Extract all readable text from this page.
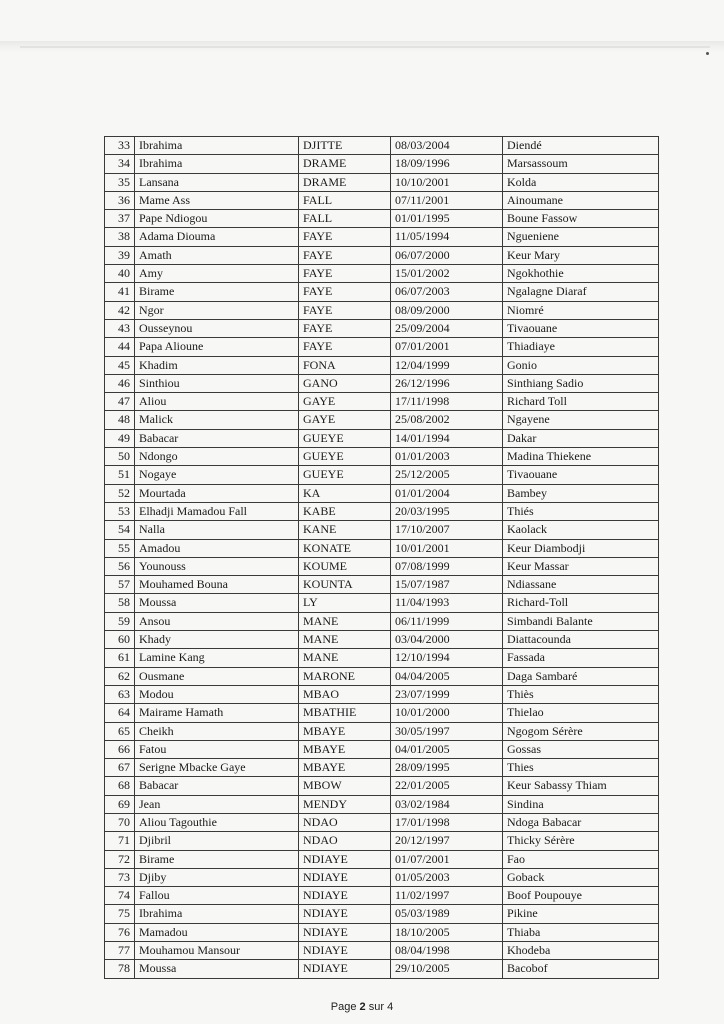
33	Ibrahima	DJITTE	08/03/2004	Diendé
34	Ibrahima	DRAME	18/09/1996	Marsassoum
35	Lansana	DRAME	10/10/2001	Kolda
36	Mame Ass	FALL	07/11/2001	Ainoumane
37	Pape Ndiogou	FALL	01/01/1995	Boune Fassow
38	Adama Diouma	FAYE	11/05/1994	Ngueniene
39	Amath	FAYE	06/07/2000	Keur Mary
40	Amy	FAYE	15/01/2002	Ngokhothie
41	Birame	FAYE	06/07/2003	Ngalagne Diaraf
42	Ngor	FAYE	08/09/2000	Niomré
43	Ousseynou	FAYE	25/09/2004	Tivaouane
44	Papa Alioune	FAYE	07/01/2001	Thiadiaye
45	Khadim	FONA	12/04/1999	Gonio
46	Sinthiou	GANO	26/12/1996	Sinthiang Sadio
47	Aliou	GAYE	17/11/1998	Richard Toll
48	Malick	GAYE	25/08/2002	Ngayene
49	Babacar	GUEYE	14/01/1994	Dakar
50	Ndongo	GUEYE	01/01/2003	Madina Thiekene
51	Nogaye	GUEYE	25/12/2005	Tivaouane
52	Mourtada	KA	01/01/2004	Bambey
53	Elhadji Mamadou Fall	KABE	20/03/1995	Thiés
54	Nalla	KANE	17/10/2007	Kaolack
55	Amadou	KONATE	10/01/2001	Keur Diambodji
56	Younouss	KOUME	07/08/1999	Keur Massar
57	Mouhamed Bouna	KOUNTA	15/07/1987	Ndiassane
58	Moussa	LY	11/04/1993	Richard-Toll
59	Ansou	MANE	06/11/1999	Simbandi Balante
60	Khady	MANE	03/04/2000	Diattacounda
61	Lamine Kang	MANE	12/10/1994	Fassada
62	Ousmane	MARONE	04/04/2005	Daga Sambaré
63	Modou	MBAO	23/07/1999	Thiès
64	Mairame Hamath	MBATHIE	10/01/2000	Thielao
65	Cheikh	MBAYE	30/05/1997	Ngogom Sérère
66	Fatou	MBAYE	04/01/2005	Gossas
67	Serigne Mbacke Gaye	MBAYE	28/09/1995	Thies
68	Babacar	MBOW	22/01/2005	Keur Sabassy Thiam
69	Jean	MENDY	03/02/1984	Sindina
70	Aliou Tagouthie	NDAO	17/01/1998	Ndoga Babacar
71	Djibril	NDAO	20/12/1997	Thicky Sérère
72	Birame	NDIAYE	01/07/2001	Fao
73	Djiby	NDIAYE	01/05/2003	Goback
74	Fallou	NDIAYE	11/02/1997	Boof Poupouye
75	Ibrahima	NDIAYE	05/03/1989	Pikine
76	Mamadou	NDIAYE	18/10/2005	Thiaba
77	Mouhamou Mansour	NDIAYE	08/04/1998	Khodeba
78	Moussa	NDIAYE	29/10/2005	Bacobof
Page 2 sur 4
